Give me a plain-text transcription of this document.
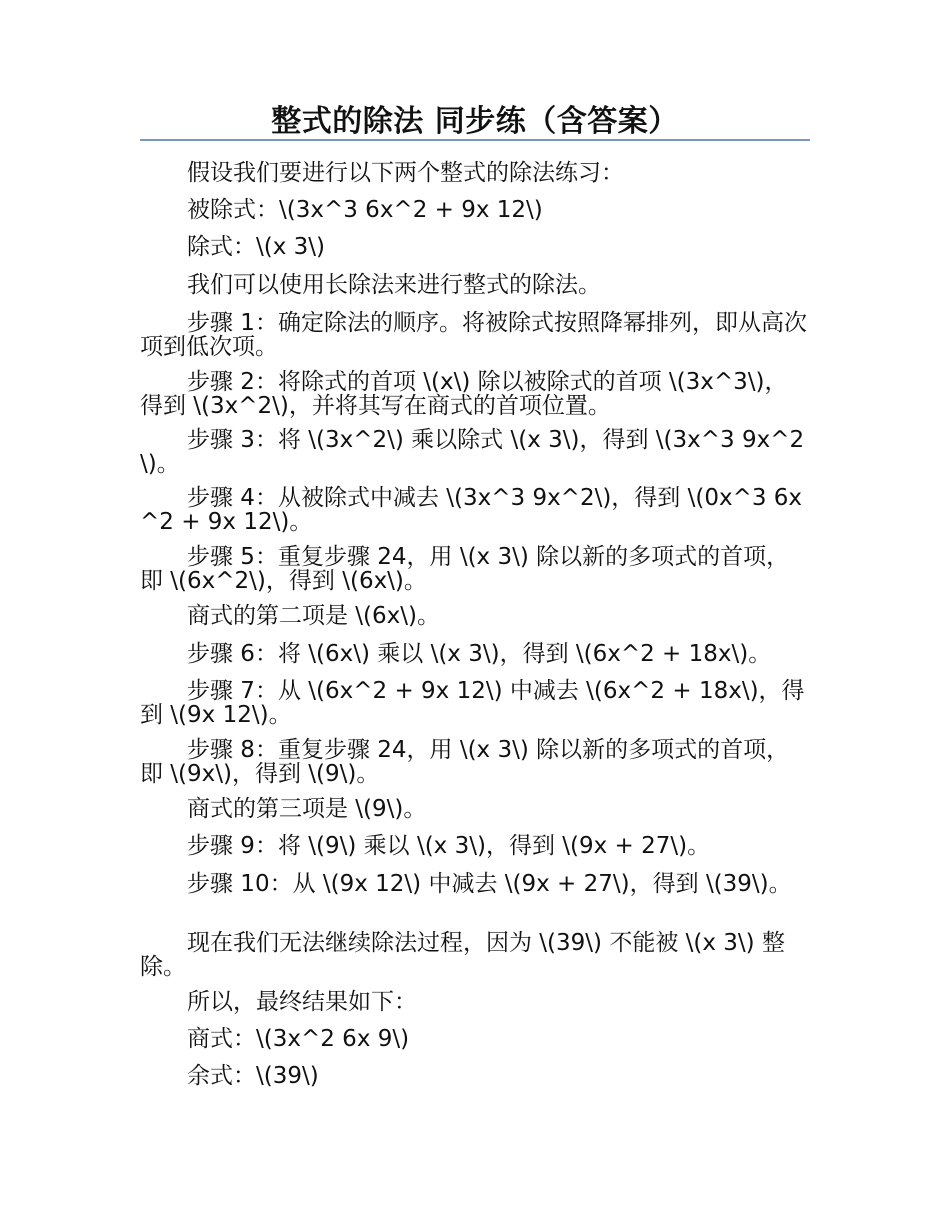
整式的除法 同步练（含答案）

假设我们要进行以下两个整式的除法练习：

被除式：\(3x^3 6x^2 + 9x 12\)

除式：\(x 3\)

我们可以使用长除法来进行整式的除法。

步骤 1：确定除法的顺序。将被除式按照降幂排列，即从高次项到低次项。

步骤 2：将除式的首项 \(x\) 除以被除式的首项 \(3x^3\)，得到 \(3x^2\)，并将其写在商式的首项位置。

步骤 3：将 \(3x^2\) 乘以除式 \(x 3\)，得到 \(3x^3 9x^2\)。

步骤 4：从被除式中减去 \(3x^3 9x^2\)，得到 \(0x^3 6x^2 + 9x 12\)。

步骤 5：重复步骤 24，用 \(x 3\) 除以新的多项式的首项，即 \(6x^2\)，得到 \(6x\)。

商式的第二项是 \(6x\)。

步骤 6：将 \(6x\) 乘以 \(x 3\)，得到 \(6x^2 + 18x\)。

步骤 7：从 \(6x^2 + 9x 12\) 中减去 \(6x^2 + 18x\)，得到 \(9x 12\)。

步骤 8：重复步骤 24，用 \(x 3\) 除以新的多项式的首项，即 \(9x\)，得到 \(9\)。

商式的第三项是 \(9\)。

步骤 9：将 \(9\) 乘以 \(x 3\)，得到 \(9x + 27\)。

步骤 10：从 \(9x 12\) 中减去 \(9x + 27\)，得到 \(39\)。

现在我们无法继续除法过程，因为 \(39\) 不能被 \(x 3\) 整除。

所以，最终结果如下：

商式：\(3x^2 6x 9\)

余式：\(39\)
